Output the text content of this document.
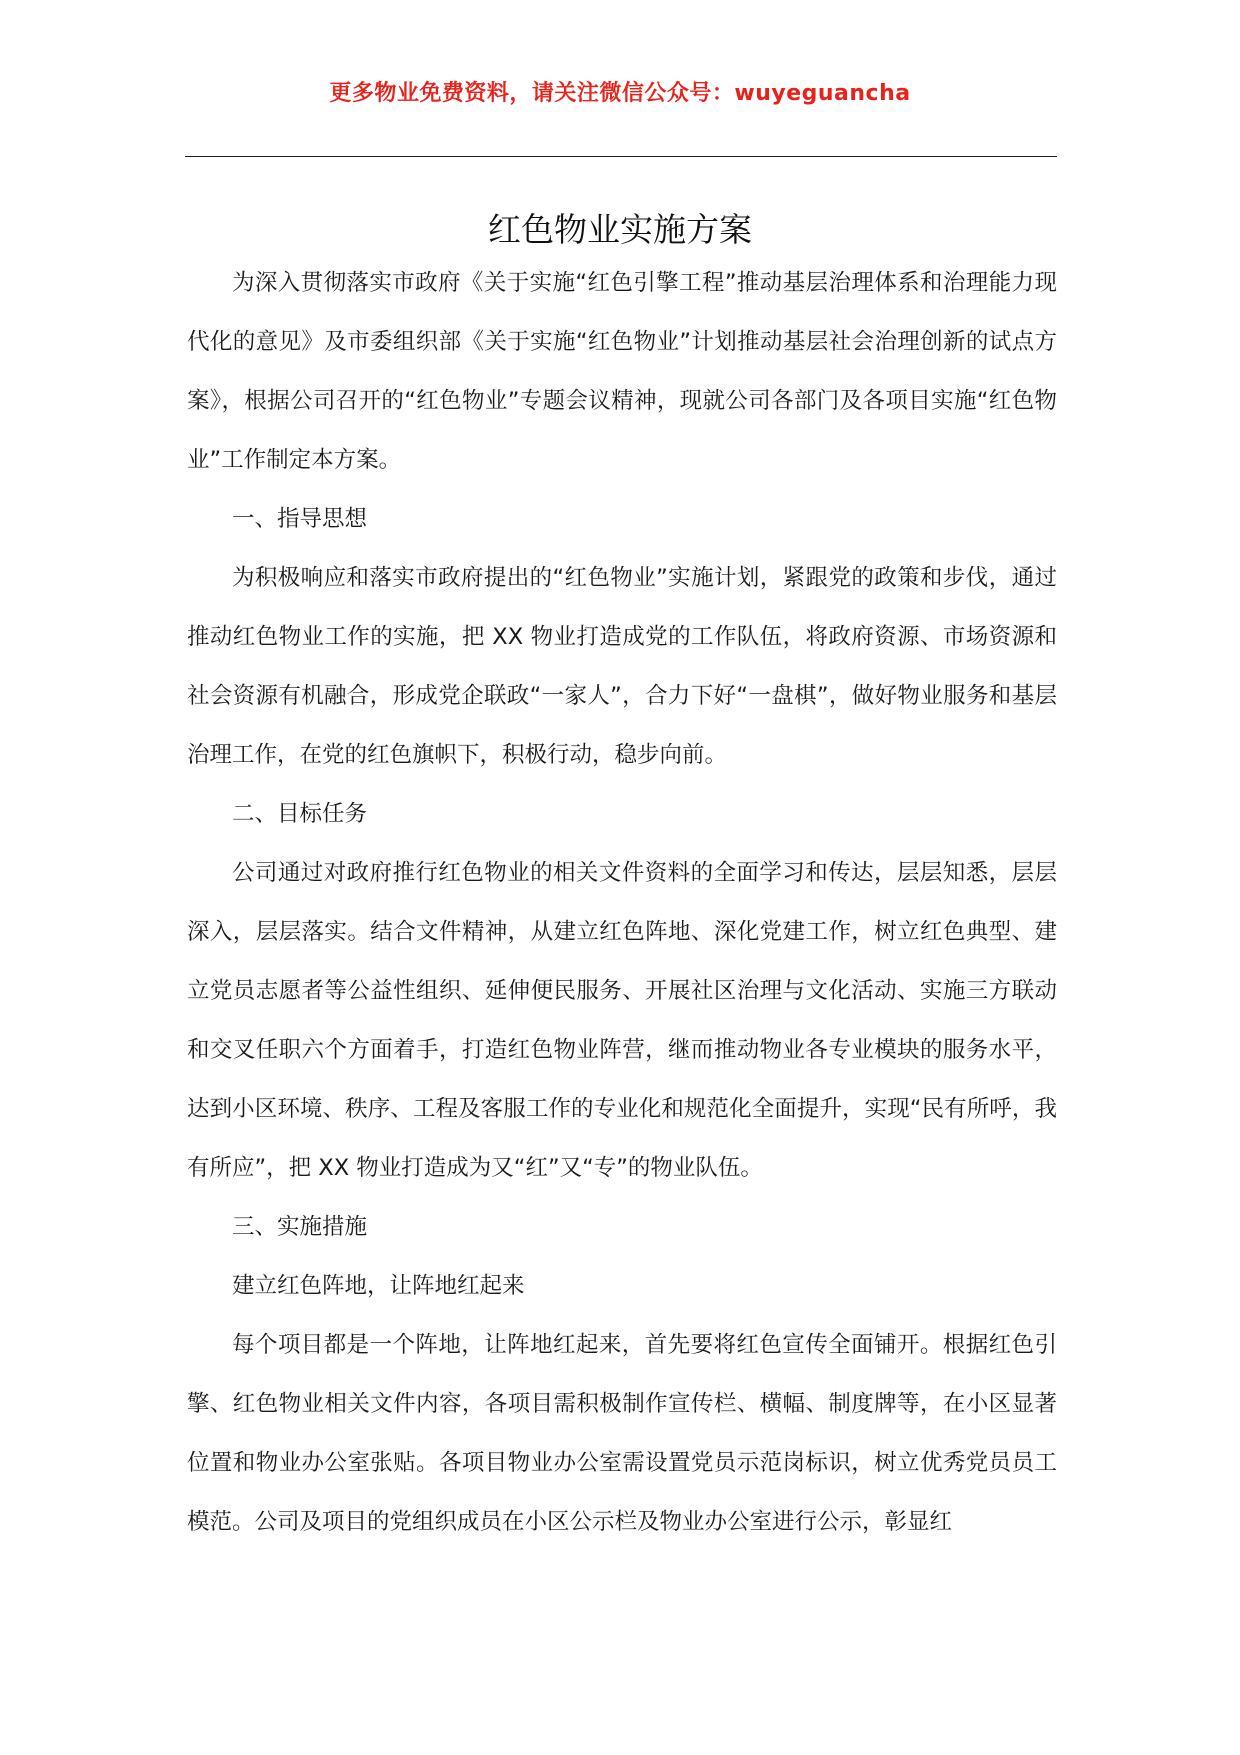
更多物业免费资料，请关注微信公众号：wuyeguancha
红色物业实施方案

为深入贯彻落实市政府《关于实施“红色引擎工程”推动基层治理体系和治理能力现代化的意见》及市委组织部《关于实施“红色物业”计划推动基层社会治理创新的试点方案》，根据公司召开的“红色物业”专题会议精神，现就公司各部门及各项目实施“红色物业”工作制定本方案。

一、指导思想

为积极响应和落实市政府提出的“红色物业”实施计划，紧跟党的政策和步伐，通过推动红色物业工作的实施，把 XX 物业打造成党的工作队伍，将政府资源、市场资源和社会资源有机融合，形成党企联政“一家人”，合力下好“一盘棋”，做好物业服务和基层治理工作，在党的红色旗帜下，积极行动，稳步向前。

二、目标任务

公司通过对政府推行红色物业的相关文件资料的全面学习和传达，层层知悉，层层深入，层层落实。结合文件精神，从建立红色阵地、深化党建工作，树立红色典型、建立党员志愿者等公益性组织、延伸便民服务、开展社区治理与文化活动、实施三方联动和交叉任职六个方面着手，打造红色物业阵营，继而推动物业各专业模块的服务水平，达到小区环境、秩序、工程及客服工作的专业化和规范化全面提升，实现“民有所呼，我有所应”，把 XX 物业打造成为又“红”又“专”的物业队伍。

三、实施措施

建立红色阵地，让阵地红起来

每个项目都是一个阵地，让阵地红起来，首先要将红色宣传全面铺开。根据红色引擎、红色物业相关文件内容，各项目需积极制作宣传栏、横幅、制度牌等，在小区显著位置和物业办公室张贴。各项目物业办公室需设置党员示范岗标识，树立优秀党员员工模范。公司及项目的党组织成员在小区公示栏及物业办公室进行公示，彰显红
